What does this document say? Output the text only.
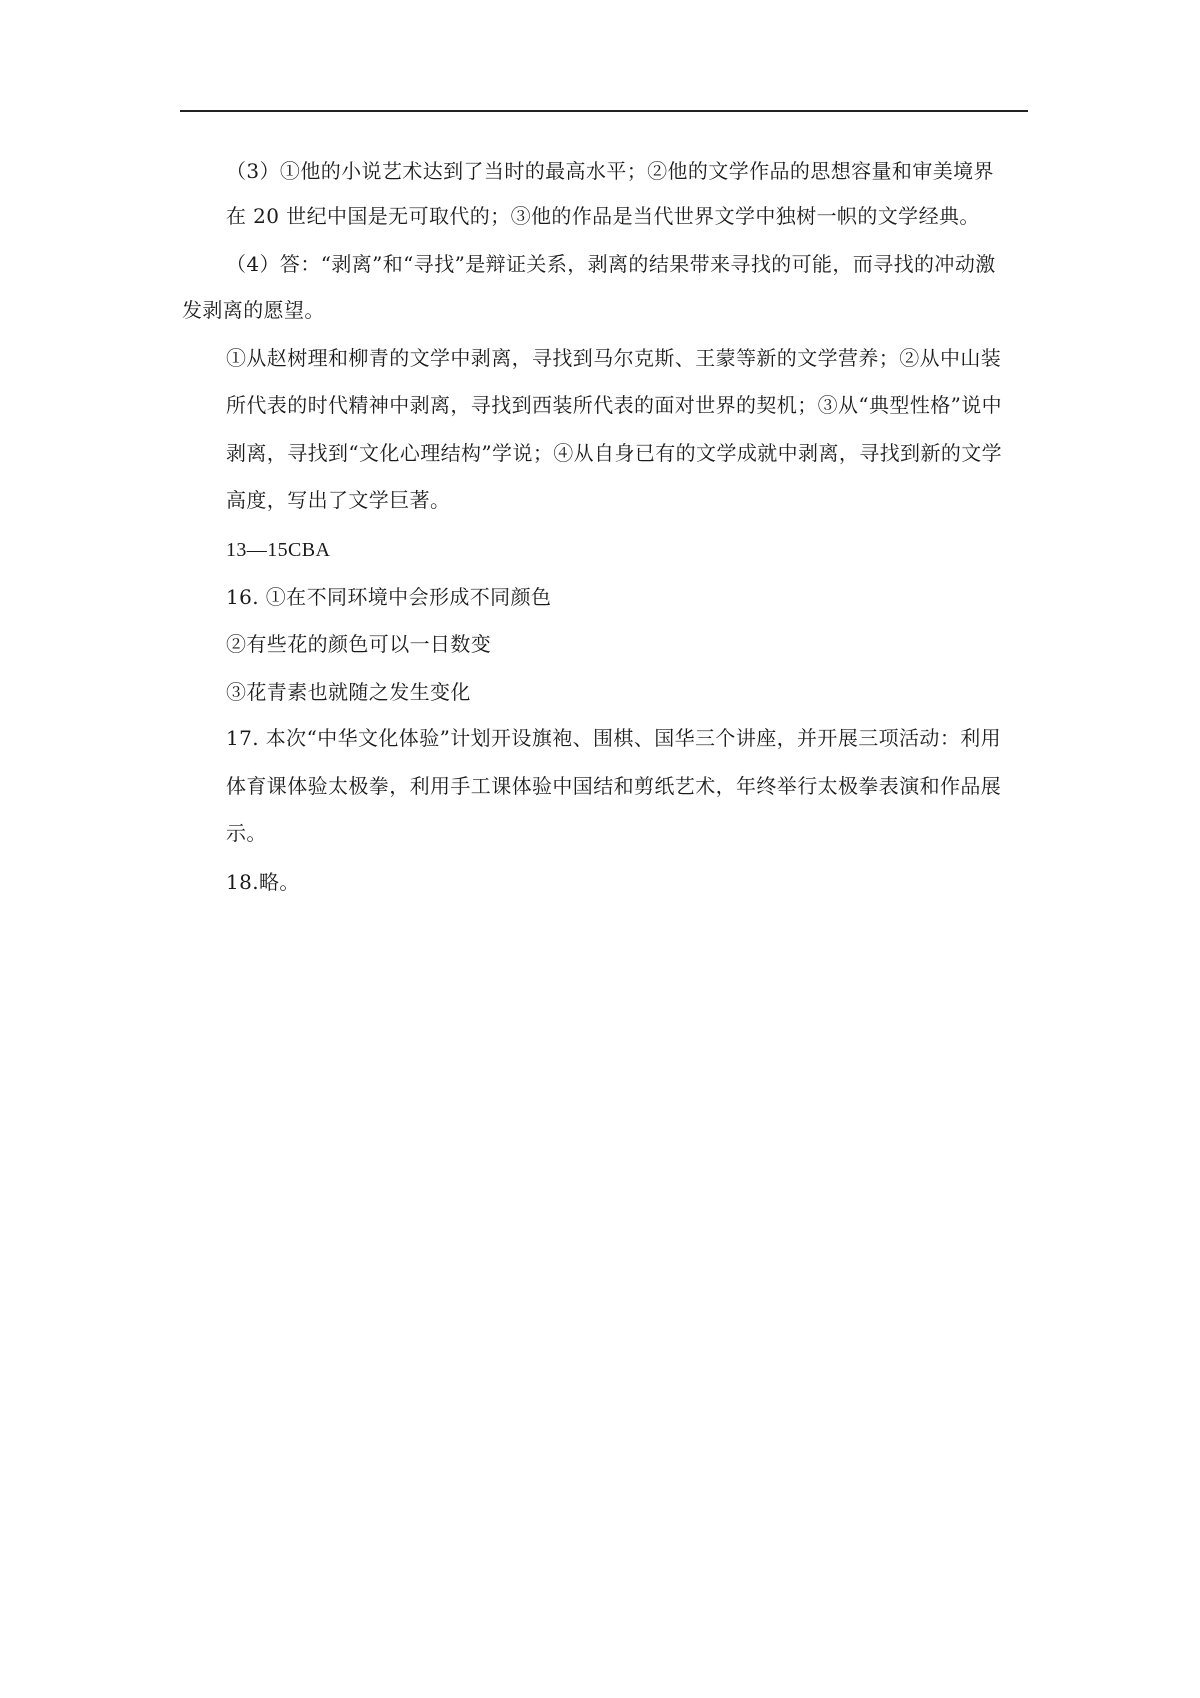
（3）①他的小说艺术达到了当时的最高水平；②他的文学作品的思想容量和审美境界
在 20 世纪中国是无可取代的；③他的作品是当代世界文学中独树一帜的文学经典。
（4）答：“剥离”和“寻找”是辩证关系，剥离的结果带来寻找的可能，而寻找的冲动激
发剥离的愿望。
①从赵树理和柳青的文学中剥离，寻找到马尔克斯、王蒙等新的文学营养；②从中山装
所代表的时代精神中剥离，寻找到西装所代表的面对世界的契机；③从“典型性格”说中
剥离，寻找到“文化心理结构”学说；④从自身已有的文学成就中剥离，寻找到新的文学
高度，写出了文学巨著。
13—15CBA
16. ①在不同环境中会形成不同颜色
②有些花的颜色可以一日数变
③花青素也就随之发生变化
17. 本次“中华文化体验”计划开设旗袍、围棋、国华三个讲座，并开展三项活动：利用
体育课体验太极拳，利用手工课体验中国结和剪纸艺术，年终举行太极拳表演和作品展
示。
18.略。
